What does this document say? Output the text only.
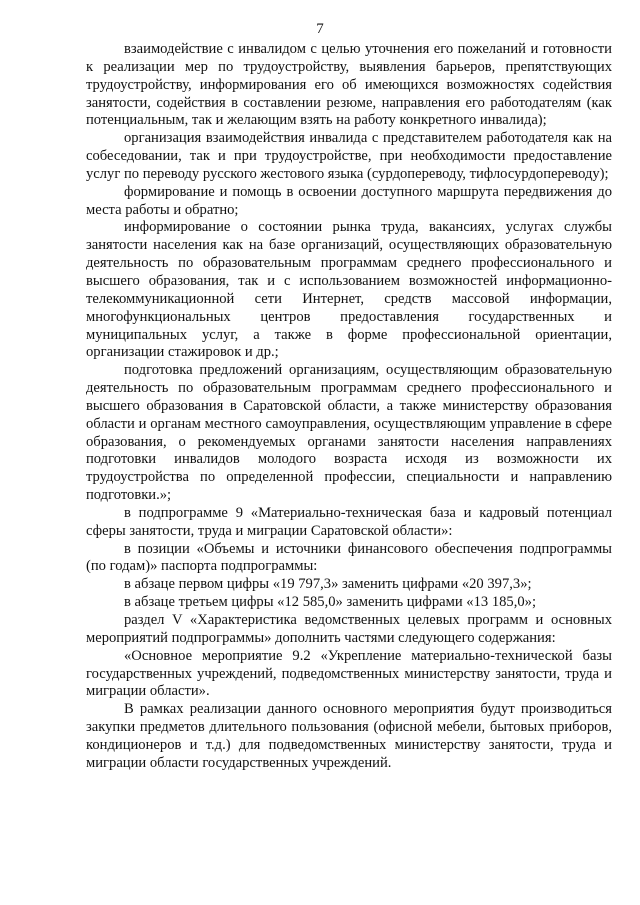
7

взаимодействие с инвалидом с целью уточнения его пожеланий и готовности к реализации мер по трудоустройству, выявления барьеров, препятствующих трудоустройству, информирования его об имеющихся возможностях содействия занятости, содействия в составлении резюме, направления его работодателям (как потенциальным, так и желающим взять на работу конкретного инвалида);

организация взаимодействия инвалида с представителем работодателя как на собеседовании, так и при трудоустройстве, при необходимости предоставление услуг по переводу русского жестового языка (сурдопереводу, тифлосурдопереводу);

формирование и помощь в освоении доступного маршрута передвижения до места работы и обратно;

информирование о состоянии рынка труда, вакансиях, услугах службы занятости населения как на базе организаций, осуществляющих образовательную деятельность по образовательным программам среднего профессионального и высшего образования, так и с использованием возможностей информационно-телекоммуникационной сети Интернет, средств массовой информации, многофункциональных центров предоставления государственных и муниципальных услуг, а также в форме профессиональной ориентации, организации стажировок и др.;

подготовка предложений организациям, осуществляющим образовательную деятельность по образовательным программам среднего профессионального и высшего образования в Саратовской области, а также министерству образования области и органам местного самоуправления, осуществляющим управление в сфере образования, о рекомендуемых органами занятости населения направлениях подготовки инвалидов молодого возраста исходя из возможности их трудоустройства по определенной профессии, специальности и направлению подготовки.»;

в подпрограмме 9 «Материально-техническая база и кадровый потенциал сферы занятости, труда и миграции Саратовской области»:

в позиции «Объемы и источники финансового обеспечения подпрограммы (по годам)» паспорта подпрограммы:

в абзаце первом цифры «19 797,3» заменить цифрами «20 397,3»;

в абзаце третьем цифры «12 585,0» заменить цифрами «13 185,0»;

раздел V «Характеристика ведомственных целевых программ и основных мероприятий подпрограммы» дополнить частями следующего содержания:

«Основное мероприятие 9.2 «Укрепление материально-технической базы государственных учреждений, подведомственных министерству занятости, труда и миграции области».

В рамках реализации данного основного мероприятия будут производиться закупки предметов длительного пользования (офисной мебели, бытовых приборов, кондиционеров и т.д.) для подведомственных министерству занятости, труда и миграции области государственных учреждений.
